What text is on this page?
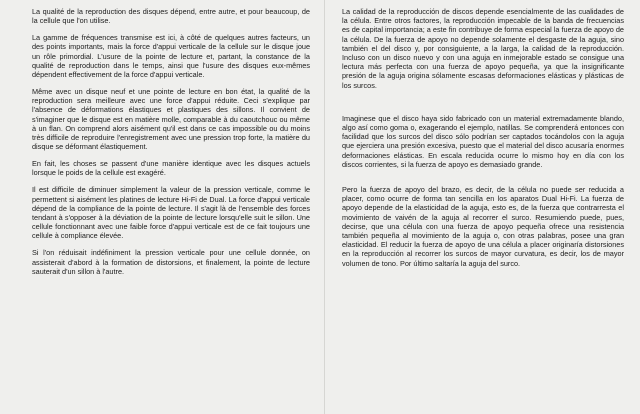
La qualité de la reproduction des disques dépend, entre autre, et pour beaucoup, de la cellule que l'on utilise.

La gamme de fréquences transmise est ici, à côté de quelques autres facteurs, un des points importants, mais la force d'appui verticale de la cellule sur le disque joue un rôle primordial. L'usure de la pointe de lecture et, partant, la constance de la qualité de reproduction dans le temps, ainsi que l'usure des disques eux-mêmes dépendent effectivement de la force d'appui verticale.

Même avec un disque neuf et une pointe de lecture en bon état, la qualité de la reproduction sera meilleure avec une force d'appui réduite. Ceci s'explique par l'absence de déformations élastiques et plastiques des sillons. Il convient de s'imaginer que le disque est en matière molle, comparable à du caoutchouc ou même à un flan. On comprend alors aisément qu'il est dans ce cas impossible ou du moins très difficile de reproduire l'enregistrement avec une pression trop forte, la matière du disque se déformant élastiquement.

En fait, les choses se passent d'une manière identique avec les disques actuels lorsque le poids de la cellule est exagéré.

Il est difficile de diminuer simplement la valeur de la pression verticale, comme le permettent si aisément les platines de lecture Hi-Fi de Dual. La force d'appui verticale dépend de la compliance de la pointe de lecture. Il s'agit là de l'ensemble des forces tendant à s'opposer à la déviation de la pointe de lecture lorsqu'elle suit le sillon. Une cellule fonctionnant avec une faible force d'appui verticale est de ce fait toujours une cellule à compliance élevée.

Si l'on réduisait indéfiniment la pression verticale pour une cellule donnée, on assisterait d'abord à la formation de distorsions, et finalement, la pointe de lecture sauterait d'un sillon à l'autre.

La calidad de la reproducción de discos depende esencialmente de las cualidades de la célula. Entre otros factores, la reproducción impecable de la banda de frecuencias es de capital importancia; a este fin contribuye de forma especial la fuerza de apoyo de la célula. De la fuerza de apoyo no depende solamente el desgaste de la aguja, sino también el del disco y, por consiguiente, a la larga, la calidad de la reproducción. Incluso con un disco nuevo y con una aguja en inmejorable estado se consigue una lectura más perfecta con una fuerza de apoyo pequeña, ya que la insignificante presión de la aguja origina sólamente escasas deformaciones elásticas y plásticas de los surcos.

Imaginese que el disco haya sido fabricado con un material extremadamente blando, algo así como goma o, exagerando el ejemplo, natillas. Se comprenderá entonces con facilidad que los surcos del disco sólo podrían ser captados tocándolos con la aguja que ejerciera una presión excesiva, puesto que el material del disco acusaría enormes deformaciones elásticas. En escala reducida ocurre lo mismo hoy en día con los discos corrientes, si la fuerza de apoyo es demasiado grande.

Pero la fuerza de apoyo del brazo, es decir, de la célula no puede ser reducida a placer, como ocurre de forma tan sencilla en los aparatos Dual Hi-Fi. La fuerza de apoyo depende de la elasticidad de la aguja, esto es, de la fuerza que contrarresta el movimiento de vaivén de la aguja al recorrer el surco. Resumiendo puede, pues, decirse, que una célula con una fuerza de apoyo pequeña ofrece una resistencia también pequeña al movimiento de la aguja o, con otras palabras, posee una gran elasticidad. El reducir la fuerza de apoyo de una célula a placer originaría distorsiones en la reproducción al recorrer los surcos de mayor curvatura, es decir, los de mayor volumen de tono. Por último saltaría la aguja del surco.
